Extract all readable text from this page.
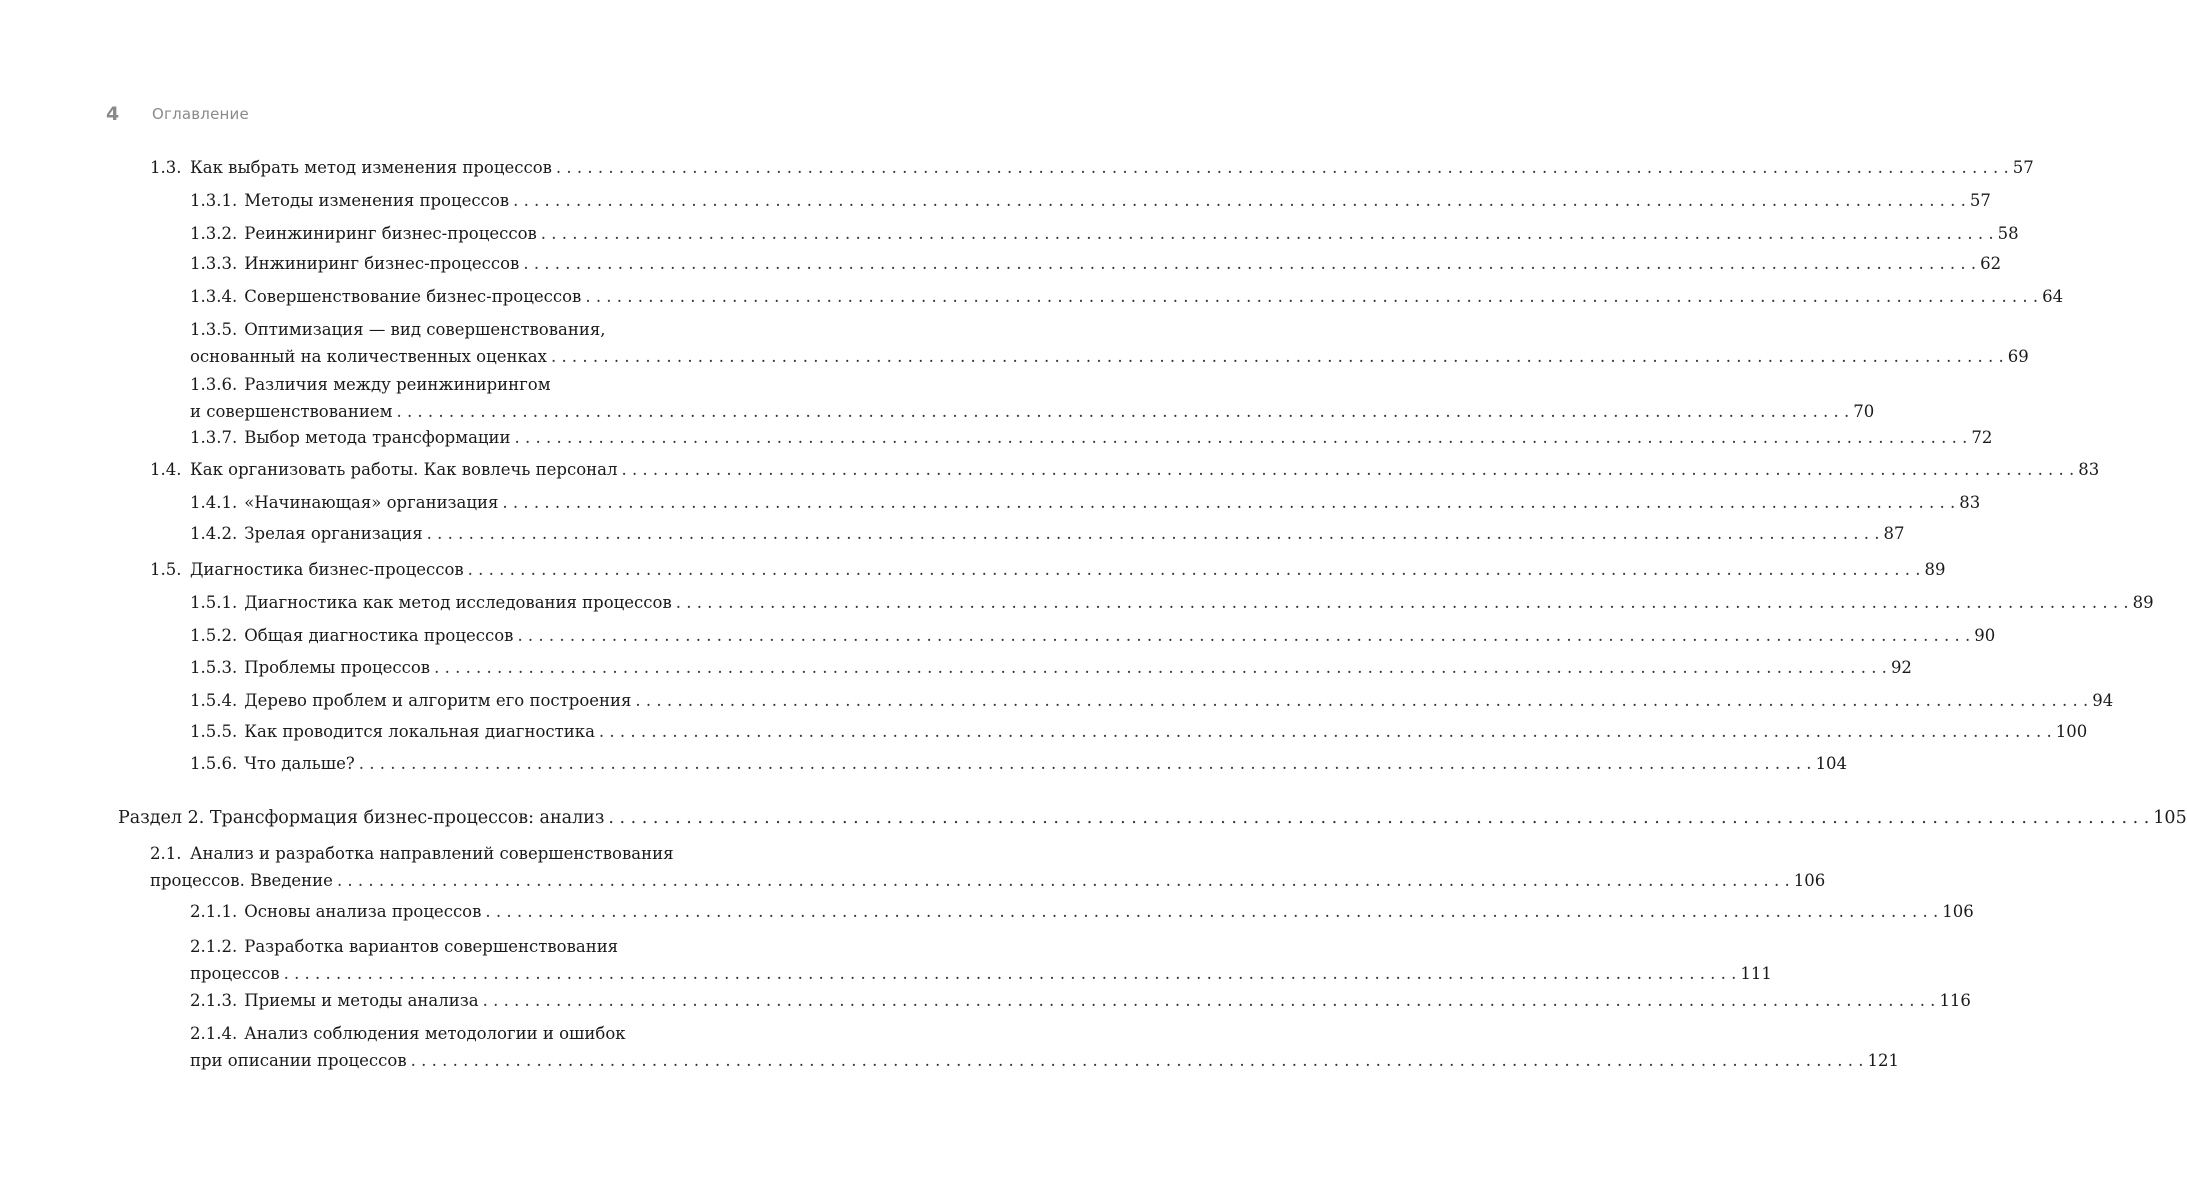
4	Оглавление
1.3. Как выбрать метод изменения процессов . . .	57
1.3.1. Методы изменения процессов . . .	57
1.3.2. Реинжиниринг бизнес-процессов . . .	58
1.3.3. Инжиниринг бизнес-процессов . . .	62
1.3.4. Совершенствование бизнес-процессов . . .	64
1.3.5. Оптимизация — вид совершенствования,
основанный на количественных оценках . . .	69
1.3.6. Различия между реинжинирингом
и совершенствованием . . .	70
1.3.7. Выбор метода трансформации . . .	72
1.4. Как организовать работы. Как вовлечь персонал . . .	83
1.4.1. «Начинающая» организация . . .	83
1.4.2. Зрелая организация . . .	87
1.5. Диагностика бизнес-процессов . . .	89
1.5.1. Диагностика как метод исследования процессов . . .	89
1.5.2. Общая диагностика процессов . . .	90
1.5.3. Проблемы процессов . . .	92
1.5.4. Дерево проблем и алгоритм его построения . . .	94
1.5.5. Как проводится локальная диагностика . . .	100
1.5.6. Что дальше? . . .	104
Раздел 2. Трансформация бизнес-процессов: анализ . . .	105
2.1. Анализ и разработка направлений совершенствования
процессов. Введение . . .	106
2.1.1. Основы анализа процессов . . .	106
2.1.2. Разработка вариантов совершенствования
процессов . . .	111
2.1.3. Приемы и методы анализа . . .	116
2.1.4. Анализ соблюдения методологии и ошибок
при описании процессов . . .	121
